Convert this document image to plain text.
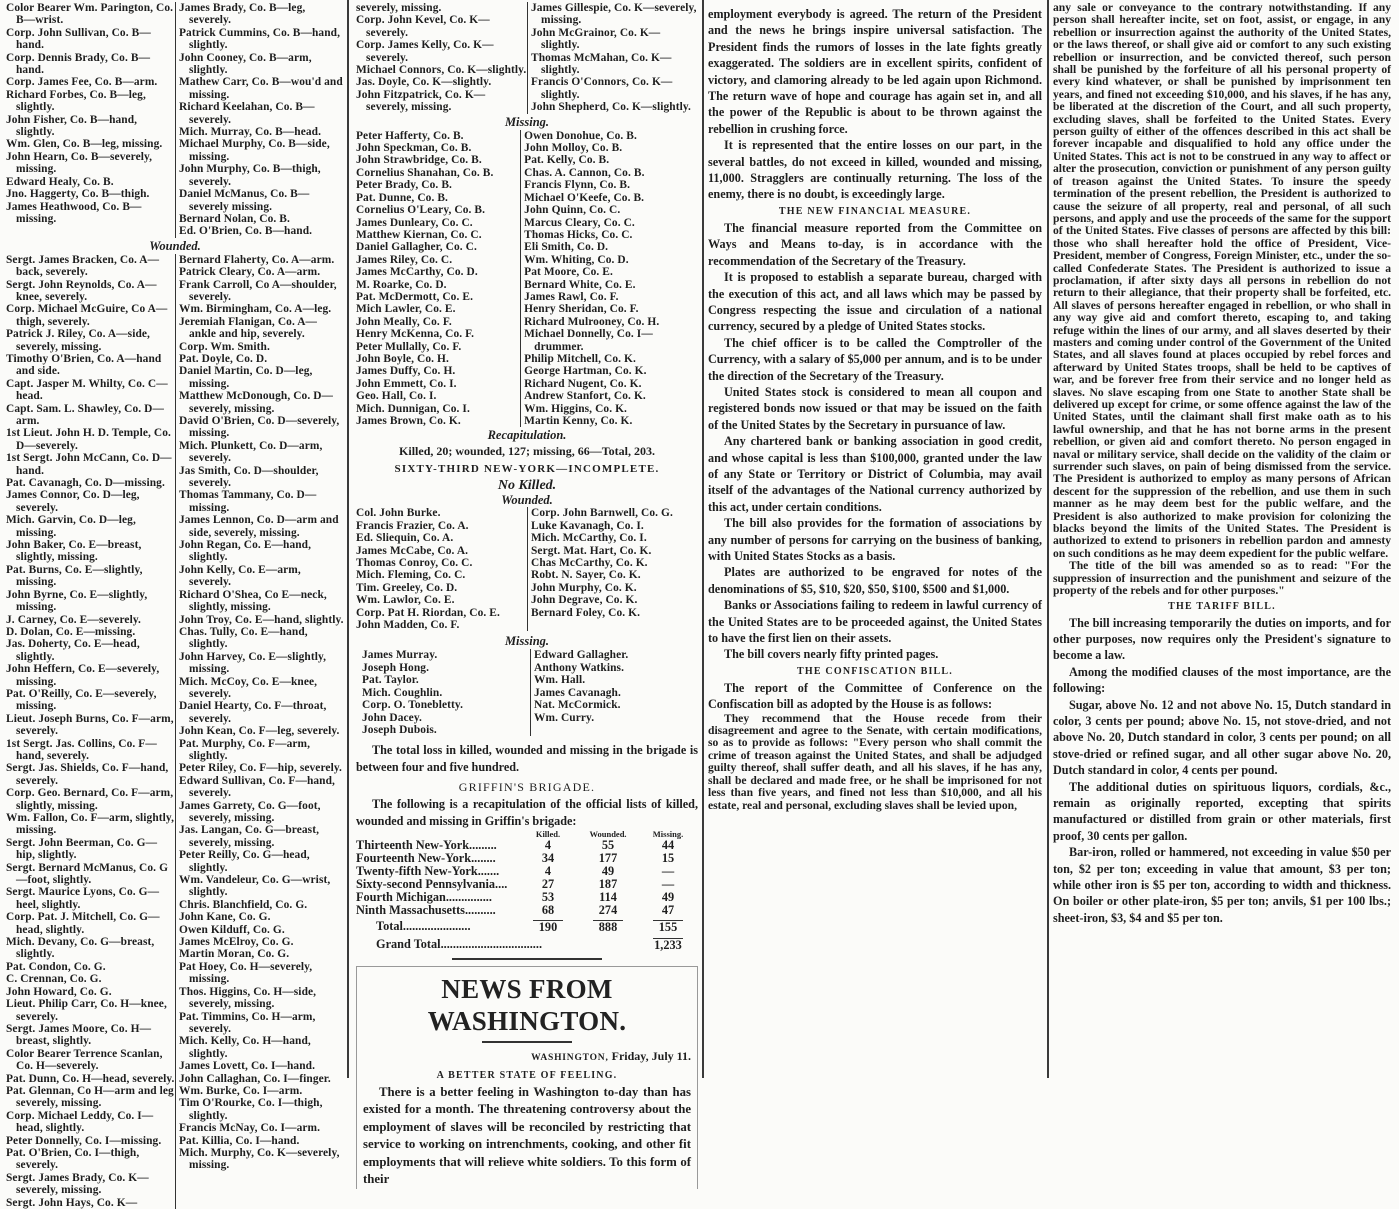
Color Bearer Wm. Parington, Co. B—wrist.
Corp. John Sullivan, Co. B—hand.
Corp. Dennis Brady, Co. B—hand.
Corp. James Fee, Co. B—arm.
Richard Forbes, Co. B—leg, slightly.
John Fisher, Co. B—hand, slightly.
Wm. Glen, Co. B—leg, missing.
John Hearn, Co. B—severely, missing.
Edward Healy, Co. B.
Jno. Haggerty, Co. B—thigh.
James Heathwood, Co. B—missing.
James Brady, Co. B—leg, severely.
Patrick Cummins, Co. B—hand, slightly.
John Cooney, Co. B—arm, slightly.
Mathew Carr, Co. B—wou'd and missing.
Richard Keelahan, Co. B—severely.
Mich. Murray, Co. B—head.
Michael Murphy, Co. B—side, missing.
John Murphy, Co. B—thigh, severely.
Daniel McManus, Co. B—severely missing.
Bernard Nolan, Co. B.
Ed. O'Brien, Co. B—hand.
Wounded.
Sergt. James Bracken, Co. A—back, severely.
Sergt. John Reynolds, Co. A—knee, severely.
Corp. Michael McGuire, Co A—thigh, severely.
Patrick J. Riley, Co. A—side, severely, missing.
Timothy O'Brien, Co. A—hand and side.
Capt. Jasper M. Whilty, Co. C—head.
Capt. Sam. L. Shawley, Co. D—arm.
1st Lieut. John H. D. Temple, Co. D—severely.
1st Sergt. John McCann, Co. D—hand.
Pat. Cavanagh, Co. D—missing.
James Connor, Co. D—leg, severely.
Mich. Garvin, Co. D—leg, missing.
John Baker, Co. E—breast, slightly, missing.
Pat. Burns, Co. E—slightly, missing.
John Byrne, Co. E—slightly, missing.
J. Carney, Co. E—severely.
D. Dolan, Co. E—missing.
Jas. Doherty, Co. E—head, slightly.
John Heffern, Co. E—severely, missing.
Pat. O'Reilly, Co. E—severely, missing.
Lieut. Joseph Burns, Co. F—arm, severely.
1st Sergt. Jas. Collins, Co. F—hand, severely.
Sergt. Jas. Shields, Co. F—hand, severely.
Corp. Geo. Bernard, Co. F—arm, slightly, missing.
Wm. Fallon, Co. F—arm, slightly, missing.
Sergt. John Beerman, Co. G—hip, slightly.
Sergt. Bernard McManus, Co. G—foot, slightly.
Sergt. Maurice Lyons, Co. G—heel, slightly.
Corp. Pat. J. Mitchell, Co. G—head, slightly.
Mich. Devany, Co. G—breast, slightly.
Pat. Condon, Co. G.
C. Crennan, Co. G.
John Howard, Co. G.
Lieut. Philip Carr, Co. H—knee, severely.
Sergt. James Moore, Co. H—breast, slightly.
Color Bearer Terrence Scanlan, Co. H—severely.
Pat. Dunn, Co. H—head, severely.
Pat. Glennan, Co H—arm and leg severely, missing.
Corp. Michael Leddy, Co. I—head, slightly.
Peter Donnelly, Co. I—missing.
Pat. O'Brien, Co. I—thigh, severely.
Sergt. James Brady, Co. K—severely, missing.
Sergt. John Hays, Co. K—
Bernard Flaherty, Co. A—arm.
Patrick Cleary, Co. A—arm.
Frank Carroll, Co A—shoulder, severely.
Wm. Birmingham, Co. A—leg.
Jeremiah Flanigan, Co. A—ankle and hip, severely.
Corp. Wm. Smith.
Pat. Doyle, Co. D.
Daniel Martin, Co. D—leg, missing.
Matthew McDonough, Co. D—severely, missing.
David O'Brien, Co. D—severely, missing.
Mich. Plunkett, Co. D—arm, severely.
Jas Smith, Co. D—shoulder, severely.
Thomas Tammany, Co. D—missing.
James Lennon, Co. D—arm and side, severely, missing.
John Regan, Co. E—hand, slightly.
John Kelly, Co. E—arm, severely.
Richard O'Shea, Co E—neck, slightly, missing.
John Troy, Co. E—hand, slightly.
Chas. Tully, Co. E—hand, slightly.
John Harvey, Co. E—slightly, missing.
Mich. McCoy, Co. E—knee, severely.
Daniel Hearty, Co. F—throat, severely.
John Kean, Co. F—leg, severely.
Pat. Murphy, Co. F—arm, slightly.
Peter Riley, Co. F—hip, severely.
Edward Sullivan, Co. F—hand, severely.
James Garrety, Co. G—foot, severely, missing.
Jas. Langan, Co. G—breast, severely, missing.
Peter Reilly, Co. G—head, slightly.
Wm. Vandeleur, Co. G—wrist, slightly.
Chris. Blanchfield, Co. G.
John Kane, Co. G.
Owen Kilduff, Co. G.
James McElroy, Co. G.
Martin Moran, Co. G.
Pat Hoey, Co. H—severely, missing.
Thos. Higgins, Co. H—side, severely, missing.
Pat. Timmins, Co. H—arm, severely.
Mich. Kelly, Co. H—hand, slightly.
James Lovett, Co. I—hand.
John Callaghan, Co. I—finger.
Wm. Burke, Co. I—arm.
Tim O'Rourke, Co. I—thigh, slightly.
Francis McNay, Co. I—arm.
Pat. Killia, Co. I—hand.
Mich. Murphy, Co. K—severely, missing.
severely, missing.
Corp. John Kevel, Co. K—severely.
Corp. James Kelly, Co. K—severely.
Michael Connors, Co. K—slightly.
Jas. Doyle, Co. K—slightly.
John Fitzpatrick, Co. K—severely, missing.
James Gillespie, Co. K—severely, missing.
John McGrainor, Co. K—slightly.
Thomas McMahan, Co. K—slightly.
Francis O'Connors, Co. K—slightly.
John Shepherd, Co. K—slightly.
Missing.
Peter Hafferty, Co. B.
John Speckman, Co. B.
John Strawbridge, Co. B.
Cornelius Shanahan, Co. B.
Peter Brady, Co. B.
Pat. Dunne, Co. B.
Cornelius O'Leary, Co. B.
James Dunleary, Co. C.
Matthew Kiernan, Co. C.
Daniel Gallagher, Co. C.
James Riley, Co. C.
James McCarthy, Co. D.
M. Roarke, Co. D.
Pat. McDermott, Co. E.
Mich Lawler, Co. E.
John Meally, Co. F.
Henry McKenna, Co. F.
Peter Mullally, Co. F.
John Boyle, Co. H.
James Duffy, Co. H.
John Emmett, Co. I.
Geo. Hall, Co. I.
Mich. Dunnigan, Co. I.
James Brown, Co. K.
Owen Donohue, Co. B.
John Molloy, Co. B.
Pat. Kelly, Co. B.
Chas. A. Cannon, Co. B.
Francis Flynn, Co. B.
Michael O'Keefe, Co. B.
John Quinn, Co. C.
Marcus Cleary, Co. C.
Thomas Hicks, Co. C.
Eli Smith, Co. D.
Wm. Whiting, Co. D.
Pat Moore, Co. E.
Bernard White, Co. E.
James Rawl, Co. F.
Henry Sheridan, Co. F.
Richard Mulrooney, Co. H.
Michael Donnelly, Co. I—drummer.
Philip Mitchell, Co. K.
George Hartman, Co. K.
Richard Nugent, Co. K.
Andrew Stanfort, Co. K.
Wm. Higgins, Co. K.
Martin Kenny, Co. K.
Recapitulation.
Killed, 20; wounded, 127; missing, 66—Total, 203.
SIXTY-THIRD NEW-YORK—INCOMPLETE.
No Killed.
Wounded.
Col. John Burke.
Francis Frazier, Co. A.
Ed. Sliequin, Co. A.
James McCabe, Co. A.
Thomas Conroy, Co. C.
Mich. Fleming, Co. C.
Tim. Greeley, Co. D.
Wm. Lawlor, Co. E.
Corp. Pat H. Riordan, Co. E.
John Madden, Co. F.
Corp. John Barnwell, Co. G.
Luke Kavanagh, Co. I.
Mich. McCarthy, Co. I.
Sergt. Mat. Hart, Co. K.
Chas McCarthy, Co. K.
Robt. N. Sayer, Co. K.
John Murphy, Co. K.
John Degrave, Co. K.
Bernard Foley, Co. K.
Missing.
James Murray.
Joseph Hong.
Pat. Taylor.
Mich. Coughlin.
Corp. O. Tonebletty.
John Dacey.
Joseph Dubois.
Edward Gallagher.
Anthony Watkins.
Wm. Hall.
James Cavanagh.
Nat. McCormick.
Wm. Curry.

The total loss in killed, wounded and missing in the brigade is between four and five hundred.

GRIFFIN'S BRIGADE.

The following is a recapitulation of the official lists of killed, wounded and missing in Griffin's brigade:

	Killed.	Wounded.	Missing.
Thirteenth New-York.........	4	55	44
Fourteenth New-York........	34	177	15
Twenty-fifth New-York.......	4	49	—
Sixty-second Pennsylvania....	27	187	—
Fourth Michigan...............	53	114	49
Ninth Massachusetts..........	68	274	47
Total......................	190	888	155
Grand Total.................................			1,233
NEWS FROM WASHINGTON.
WASHINGTON, Friday, July 11.
A BETTER STATE OF FEELING.

There is a better feeling in Washington to-day than has existed for a month. The threatening controversy about the employment of slaves will be reconciled by restricting that service to working on intrenchments, cooking, and other fit employments that will relieve white soldiers. To this form of their

employment everybody is agreed. The return of the President and the news he brings inspire universal satisfaction. The President finds the rumors of losses in the late fights greatly exaggerated. The soldiers are in excellent spirits, confident of victory, and clamoring already to be led again upon Richmond. The return wave of hope and courage has again set in, and all the power of the Republic is about to be thrown against the rebellion in crushing force.

It is represented that the entire losses on our part, in the several battles, do not exceed in killed, wounded and missing, 11,000. Stragglers are continually returning. The loss of the enemy, there is no doubt, is exceedingly large.

THE NEW FINANCIAL MEASURE.

The financial measure reported from the Committee on Ways and Means to-day, is in accordance with the recommendation of the Secretary of the Treasury.

It is proposed to establish a separate bureau, charged with the execution of this act, and all laws which may be passed by Congress respecting the issue and circulation of a national currency, secured by a pledge of United States stocks.

The chief officer is to be called the Comptroller of the Currency, with a salary of $5,000 per annum, and is to be under the direction of the Secretary of the Treasury.

United States stock is considered to mean all coupon and registered bonds now issued or that may be issued on the faith of the United States by the Secretary in pursuance of law.

Any chartered bank or banking association in good credit, and whose capital is less than $100,000, granted under the law of any State or Territory or District of Columbia, may avail itself of the advantages of the National currency authorized by this act, under certain conditions.

The bill also provides for the formation of associations by any number of persons for carrying on the business of banking, with United States Stocks as a basis.

Plates are authorized to be engraved for notes of the denominations of $5, $10, $20, $50, $100, $500 and $1,000.

Banks or Associations failing to redeem in lawful currency of the United States are to be proceeded against, the United States to have the first lien on their assets.

The bill covers nearly fifty printed pages.

THE CONFISCATION BILL.

The report of the Committee of Conference on the Confiscation bill as adopted by the House is as follows:

They recommend that the House recede from their disagreement and agree to the Senate, with certain modifications, so as to provide as follows: "Every person who shall commit the crime of treason against the United States, and shall be adjudged guilty thereof, shall suffer death, and all his slaves, if he has any, shall be declared and made free, or he shall be imprisoned for not less than five years, and fined not less than $10,000, and all his estate, real and personal, excluding slaves shall be levied upon,

any sale or conveyance to the contrary notwithstanding. If any person shall hereafter incite, set on foot, assist, or engage, in any rebellion or insurrection against the authority of the United States, or the laws thereof, or shall give aid or comfort to any such existing rebellion or insurrection, and be convicted thereof, such person shall be punished by the forfeiture of all his personal property of every kind whatever, or shall be punished by imprisonment ten years, and fined not exceeding $10,000, and his slaves, if he has any, be liberated at the discretion of the Court, and all such property, excluding slaves, shall be forfeited to the United States. Every person guilty of either of the offences described in this act shall be forever incapable and disqualified to hold any office under the United States. This act is not to be construed in any way to affect or alter the prosecution, conviction or punishment of any person guilty of treason against the United States. To insure the speedy termination of the present rebellion, the President is authorized to cause the seizure of all property, real and personal, of all such persons, and apply and use the proceeds of the same for the support of the United States. Five classes of persons are affected by this bill: those who shall hereafter hold the office of President, Vice-President, member of Congress, Foreign Minister, etc., under the so-called Confederate States. The President is authorized to issue a proclamation, if after sixty days all persons in rebellion do not return to their allegiance, that their property shall be forfeited, etc. All slaves of persons hereafter engaged in rebellion, or who shall in any way give aid and comfort thereto, escaping to, and taking refuge within the lines of our army, and all slaves deserted by their masters and coming under control of the Government of the United States, and all slaves found at places occupied by rebel forces and afterward by United States troops, shall be held to be captives of war, and be forever free from their service and no longer held as slaves. No slave escaping from one State to another State shall be delivered up except for crime, or some offence against the law of the United States, until the claimant shall first make oath as to his lawful ownership, and that he has not borne arms in the present rebellion, or given aid and comfort thereto. No person engaged in naval or military service, shall decide on the validity of the claim or surrender such slaves, on pain of being dismissed from the service. The President is authorized to employ as many persons of African descent for the suppression of the rebellion, and use them in such manner as he may deem best for the public welfare, and the President is also authorized to make provision for colonizing the blacks beyond the limits of the United States. The President is authorized to extend to prisoners in rebellion pardon and amnesty on such conditions as he may deem expedient for the public welfare.

The title of the bill was amended so as to read: "For the suppression of insurrection and the punishment and seizure of the property of the rebels and for other purposes."

THE TARIFF BILL.

The bill increasing temporarily the duties on imports, and for other purposes, now requires only the President's signature to become a law.

Among the modified clauses of the most importance, are the following:

Sugar, above No. 12 and not above No. 15, Dutch standard in color, 3 cents per pound; above No. 15, not stove-dried, and not above No. 20, Dutch standard in color, 3 cents per pound; on all stove-dried or refined sugar, and all other sugar above No. 20, Dutch standard in color, 4 cents per pound.

The additional duties on spirituous liquors, cordials, &c., remain as originally reported, excepting that spirits manufactured or distilled from grain or other materials, first proof, 30 cents per gallon.

Bar-iron, rolled or hammered, not exceeding in value $50 per ton, $2 per ton; exceeding in value that amount, $3 per ton; while other iron is $5 per ton, according to width and thickness. On boiler or other plate-iron, $5 per ton; anvils, $1 per 100 lbs.; sheet-iron, $3, $4 and $5 per ton.
